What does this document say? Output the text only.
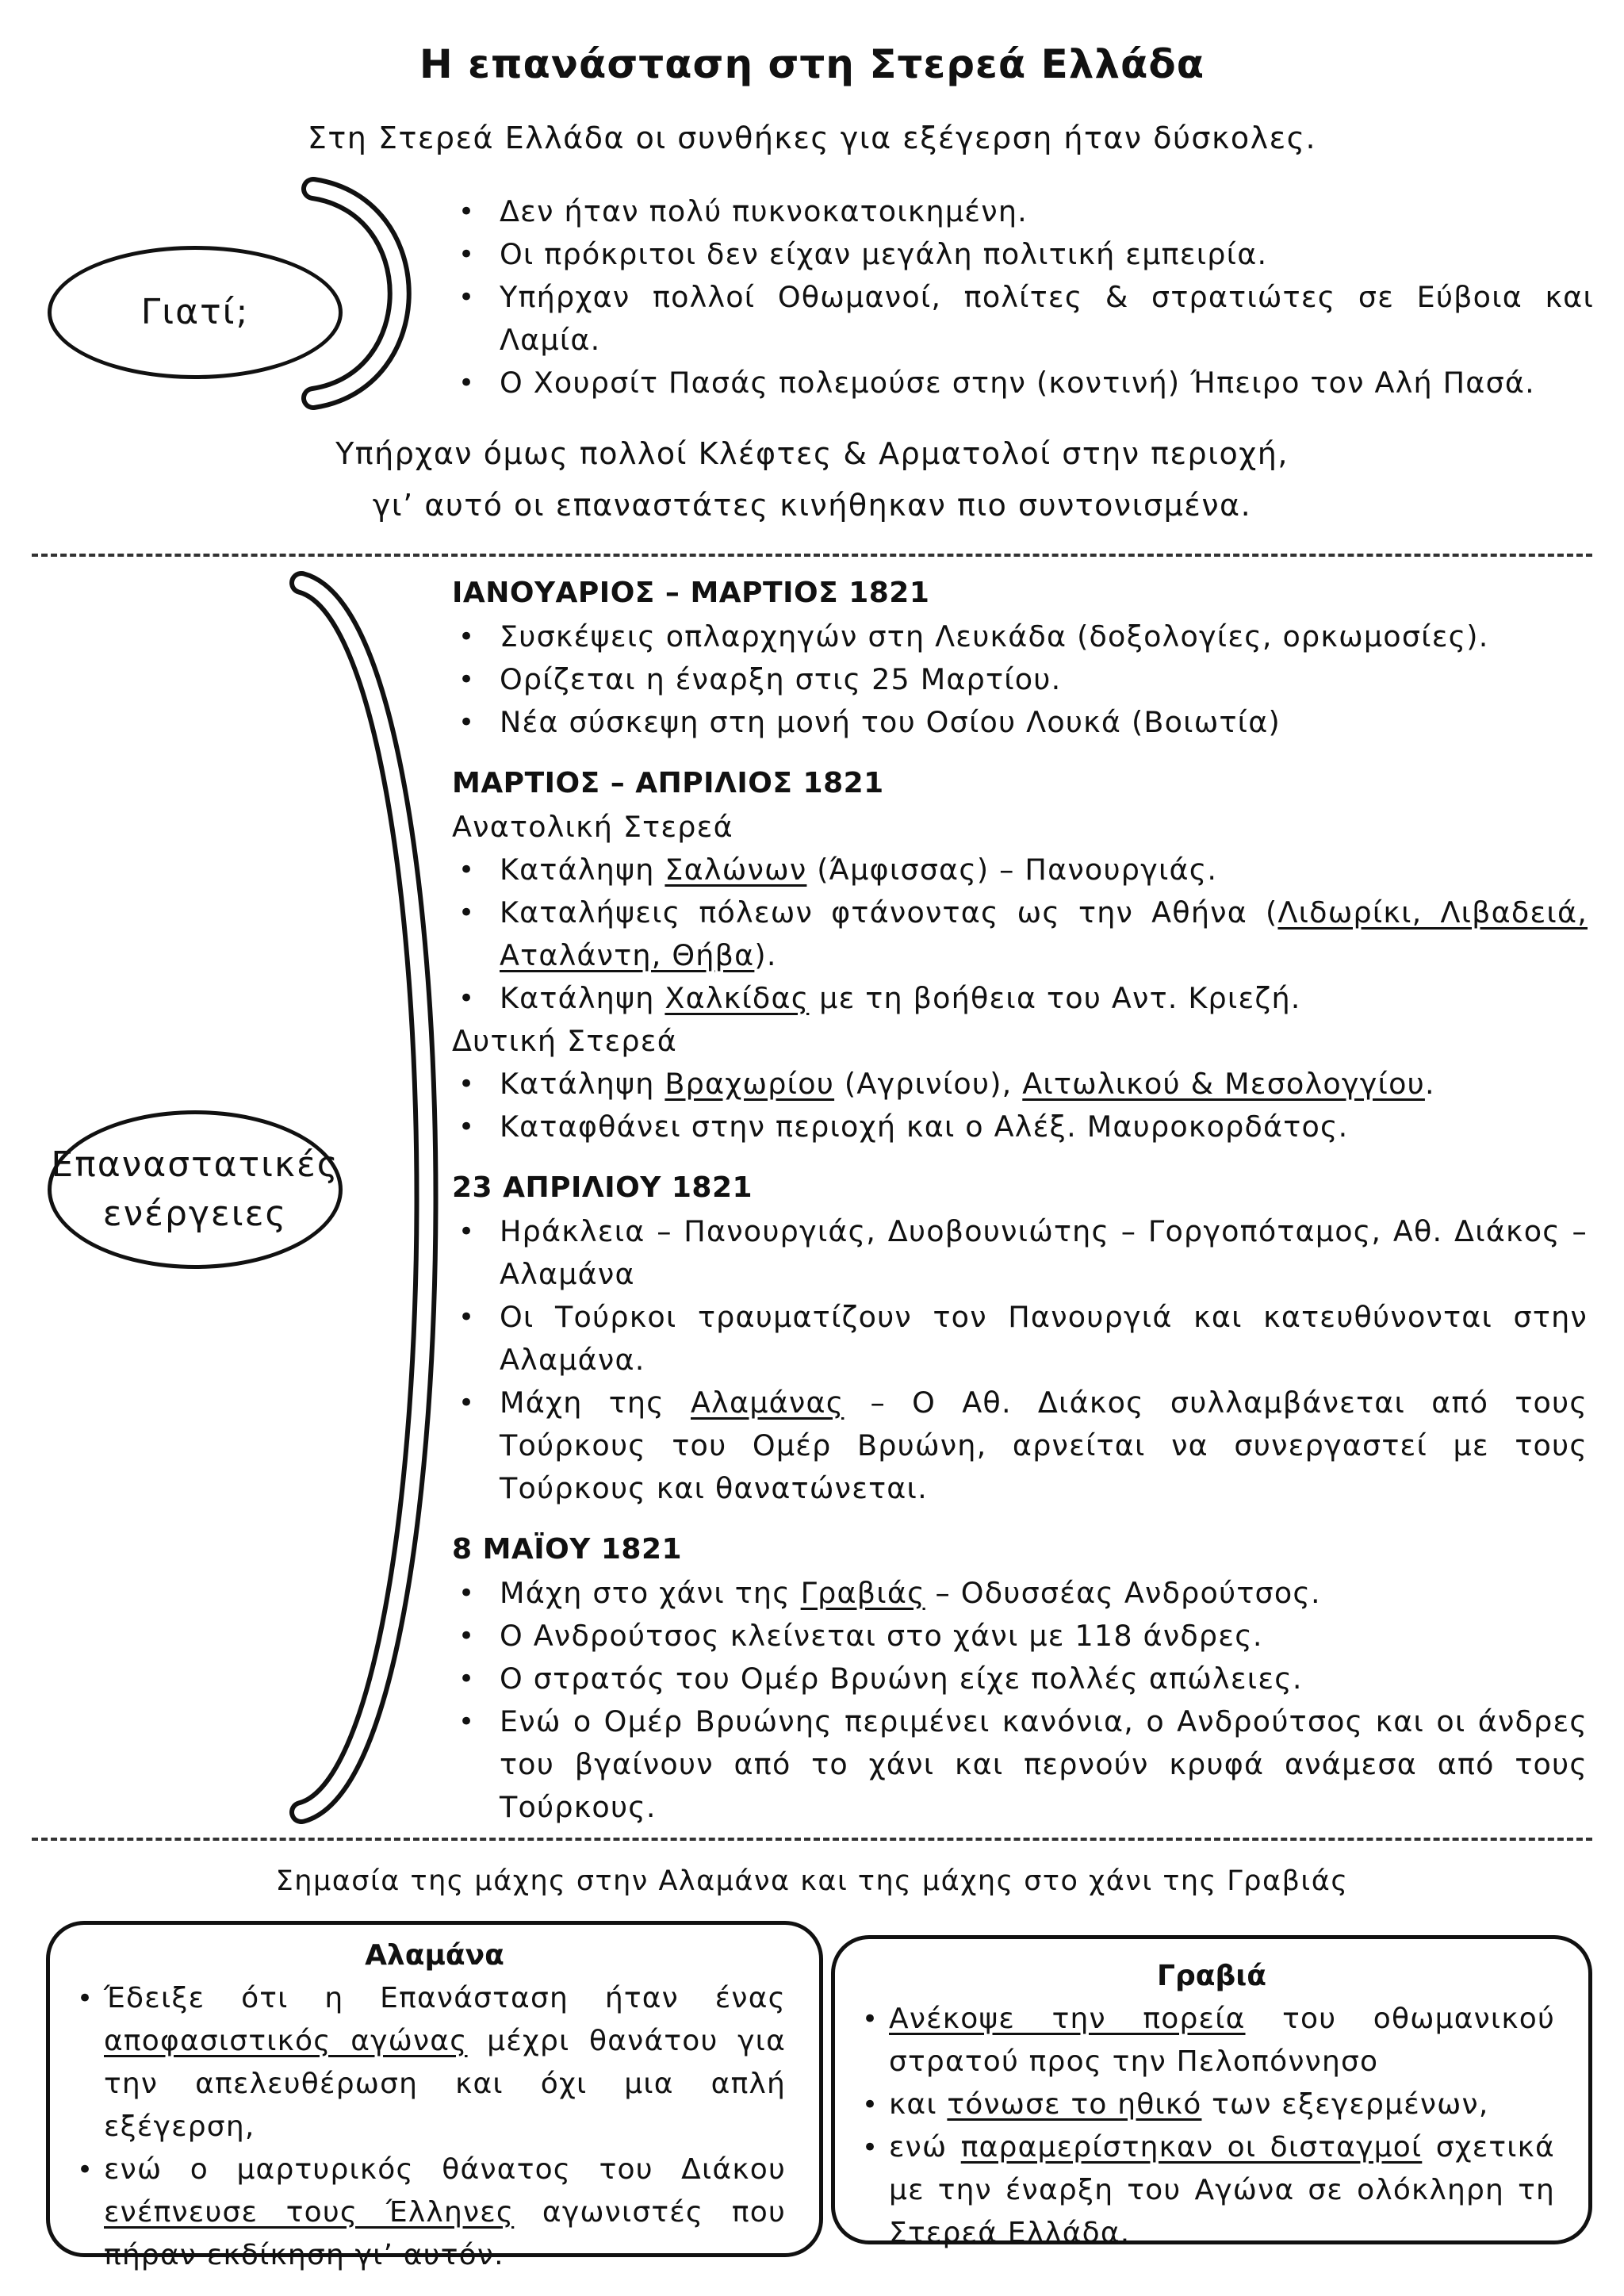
Η επανάσταση στη Στερεά Ελλάδα
Στη Στερεά Ελλάδα οι συνθήκες για εξέγερση ήταν δύσκολες.
Γιατί;
• Δεν ήταν πολύ πυκνοκατοικημένη.
• Οι πρόκριτοι δεν είχαν μεγάλη πολιτική εμπειρία.
• Υπήρχαν πολλοί Οθωμανοί, πολίτες & στρατιώτες σε Εύβοια και Λαμία.
• Ο Χουρσίτ Πασάς πολεμούσε στην (κοντινή) Ήπειρο τον Αλή Πασά.
Υπήρχαν όμως πολλοί Κλέφτες & Αρματολοί στην περιοχή,
γι’ αυτό οι επαναστάτες κινήθηκαν πιο συντονισμένα.
Επαναστατικές
ενέργειες
ΙΑΝΟΥΑΡΙΟΣ – ΜΑΡΤΙΟΣ 1821
• Συσκέψεις οπλαρχηγών στη Λευκάδα (δοξολογίες, ορκωμοσίες).
• Ορίζεται η έναρξη στις 25 Μαρτίου.
• Νέα σύσκεψη στη μονή του Οσίου Λουκά (Βοιωτία)
ΜΑΡΤΙΟΣ – ΑΠΡΙΛΙΟΣ 1821
Ανατολική Στερεά
• Κατάληψη Σαλώνων (Άμφισσας) – Πανουργιάς.
• Καταλήψεις πόλεων φτάνοντας ως την Αθήνα (Λιδωρίκι, Λιβαδειά, Αταλάντη, Θήβα).
• Κατάληψη Χαλκίδας με τη βοήθεια του Αντ. Κριεζή.
Δυτική Στερεά
• Κατάληψη Βραχωρίου (Αγρινίου), Αιτωλικού & Μεσολογγίου.
• Καταφθάνει στην περιοχή και ο Αλέξ. Μαυροκορδάτος.
23 ΑΠΡΙΛΙΟΥ 1821
• Ηράκλεια – Πανουργιάς, Δυοβουνιώτης – Γοργοπόταμος, Αθ. Διάκος – Αλαμάνα
• Οι Τούρκοι τραυματίζουν τον Πανουργιά και κατευθύνονται στην Αλαμάνα.
• Μάχη της Αλαμάνας – Ο Αθ. Διάκος συλλαμβάνεται από τους Τούρκους του Ομέρ Βρυώνη, αρνείται να συνεργαστεί με τους Τούρκους και θανατώνεται.
8 ΜΑΪΟΥ 1821
• Μάχη στο χάνι της Γραβιάς – Οδυσσέας Ανδρούτσος.
• Ο Ανδρούτσος κλείνεται στο χάνι με 118 άνδρες.
• Ο στρατός του Ομέρ Βρυώνη είχε πολλές απώλειες.
• Ενώ ο Ομέρ Βρυώνης περιμένει κανόνια, ο Ανδρούτσος και οι άνδρες του βγαίνουν από το χάνι και περνούν κρυφά ανάμεσα από τους Τούρκους.
Σημασία της μάχης στην Αλαμάνα και της μάχης στο χάνι της Γραβιάς
Αλαμάνα
• Έδειξε ότι η Επανάσταση ήταν ένας αποφασιστικός αγώνας μέχρι θανάτου για την απελευθέρωση και όχι μια απλή εξέγερση,
• ενώ ο μαρτυρικός θάνατος του Διάκου ενέπνευσε τους Έλληνες αγωνιστές που πήραν εκδίκηση γι’ αυτόν.
Γραβιά
• Ανέκοψε την πορεία του οθωμανικού στρατού προς την Πελοπόννησο
• και τόνωσε το ηθικό των εξεγερμένων,
• ενώ παραμερίστηκαν οι δισταγμοί σχετικά με την έναρξη του Αγώνα σε ολόκληρη τη Στερεά Ελλάδα.
